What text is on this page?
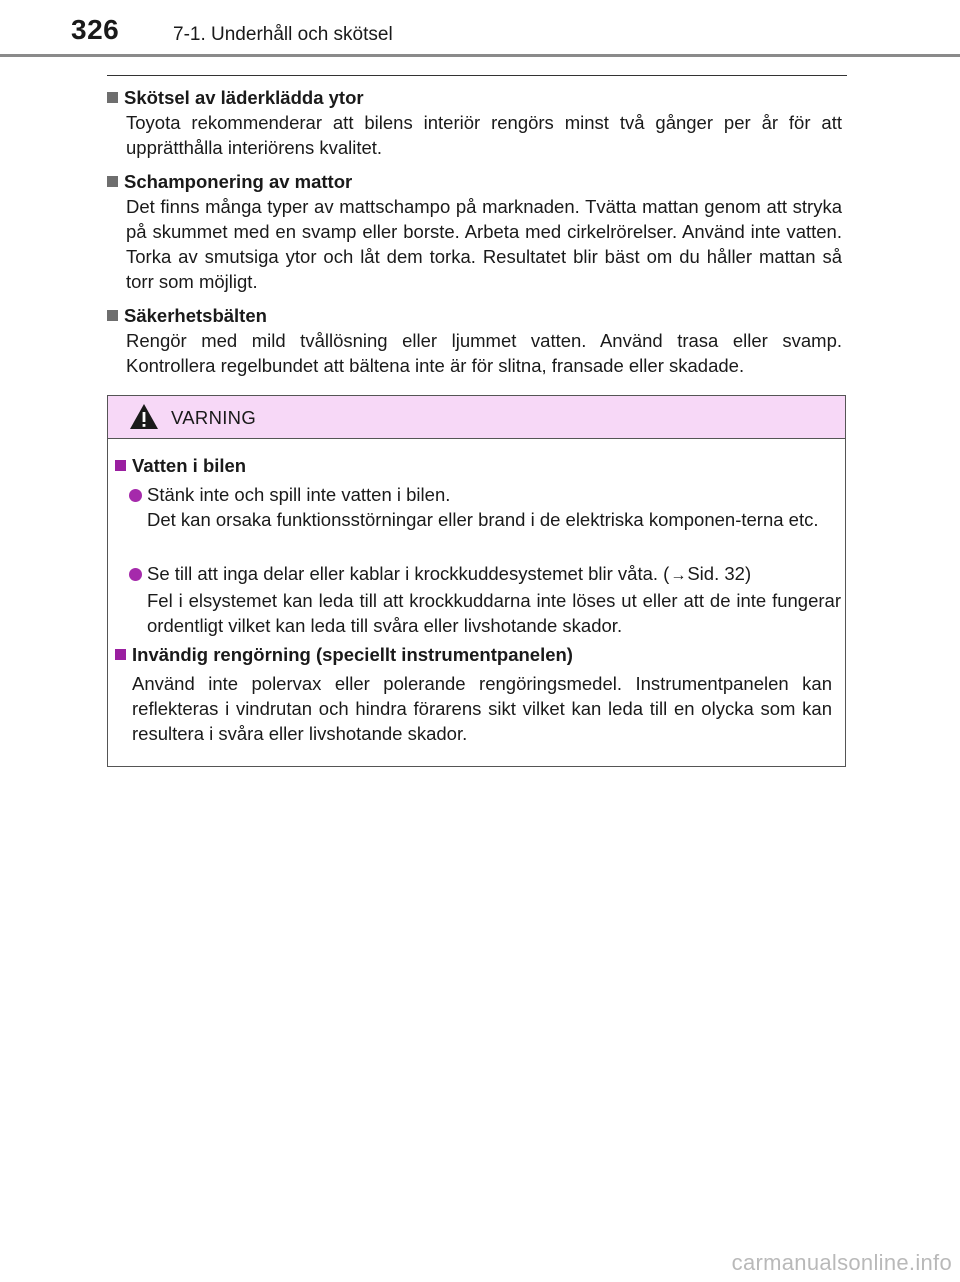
326	7-1. Underhåll och skötsel
Skötsel av läderklädda ytor
Toyota rekommenderar att bilens interiör rengörs minst två gånger per år för att upprätthålla interiörens kvalitet.
Schamponering av mattor
Det finns många typer av mattschampo på marknaden. Tvätta mattan genom att stryka på skummet med en svamp eller borste. Arbeta med cirkelrörelser. Använd inte vatten. Torka av smutsiga ytor och låt dem torka. Resultatet blir bäst om du håller mattan så torr som möjligt.
Säkerhetsbälten
Rengör med mild tvållösning eller ljummet vatten. Använd trasa eller svamp. Kontrollera regelbundet att bältena inte är för slitna, fransade eller skadade.
VARNING
Vatten i bilen
Stänk inte och spill inte vatten i bilen.
Det kan orsaka funktionsstörningar eller brand i de elektriska komponen-terna etc.
Se till att inga delar eller kablar i krockkuddesystemet blir våta. (→Sid. 32)
Fel i elsystemet kan leda till att krockkuddarna inte löses ut eller att de inte fungerar ordentligt vilket kan leda till svåra eller livshotande skador.
Invändig rengörning (speciellt instrumentpanelen)
Använd inte polervax eller polerande rengöringsmedel. Instrumentpanelen kan reflekteras i vindrutan och hindra förarens sikt vilket kan leda till en olycka som kan resultera i svåra eller livshotande skador.
carmanualsonline.info
